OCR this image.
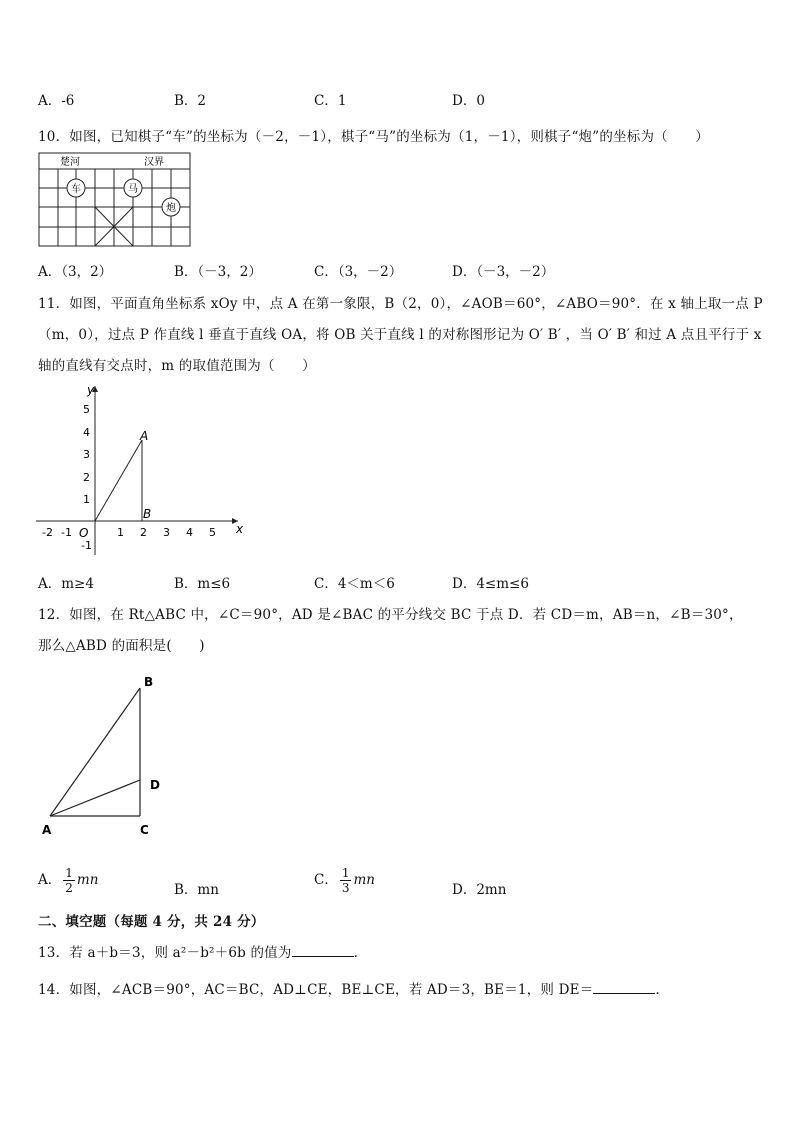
A．-6	B．2	C．1	D．0
10．如图，已知棋子“车”的坐标为（－2，－1），棋子“马”的坐标为（1，－1），则棋子“炮”的坐标为（　　）
楚河	汉界
车	马
炮
A．（3，2）	B．（－3，2）	C．（3，－2）	D．（－3，－2）
11．如图，平面直角坐标系 xOy 中，点 A 在第一象限，B（2，0），∠AOB＝60°，∠ABO＝90°．在 x 轴上取一点 P
（m，0），过点 P 作直线 l 垂直于直线 OA，将 OB 关于直线 l 的对称图形记为 O′ B′ ，当 O′ B′ 和过 A 点且平行于 x
轴的直线有交点时，m 的取值范围为（　　）
y
x
O
-2 -1	1 2 3 4 5
5
4
3
2
1
-1
A
B
A．m≥4	B．m≤6	C．4＜m＜6	D．4≤m≤6
12．如图，在 Rt△ABC 中，∠C＝90°，AD 是∠BAC 的平分线交 BC 于点 D．若 CD＝m，AB＝n，∠B＝30°，
那么△ABD 的面积是(　　)
B
D
A	C
A． $\frac{1}{2}$ mn
B．mn
C． $\frac{1}{3}$ mn
D．2mn
二、填空题（每题 4 分，共 24 分）
13．若 a＋b＝3，则 a²－b²＋6b 的值为	.
14．如图，∠ACB＝90°，AC＝BC，AD⊥CE，BE⊥CE，若 AD＝3，BE＝1，则 DE＝	.
